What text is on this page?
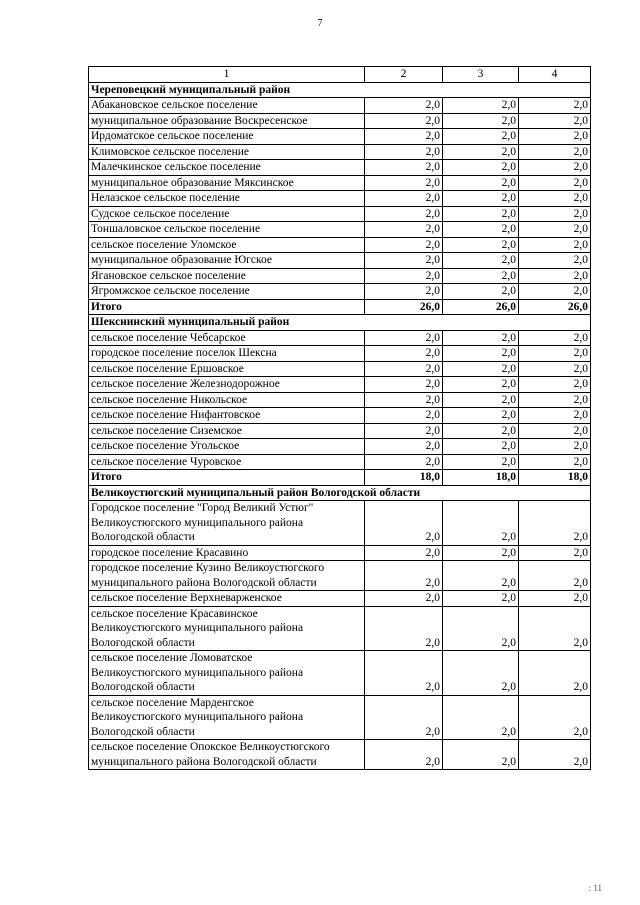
7
1	2	3	4
Череповецкий муниципальный район			
Абакановское сельское поселение	2,0	2,0	2,0
муниципальное образование Воскресенское	2,0	2,0	2,0
Ирдоматское сельское поселение	2,0	2,0	2,0
Климовское сельское поселение	2,0	2,0	2,0
Малечкинское сельское поселение	2,0	2,0	2,0
муниципальное образование Мяксинское	2,0	2,0	2,0
Нелазское сельское поселение	2,0	2,0	2,0
Судское сельское поселение	2,0	2,0	2,0
Тоншаловское сельское поселение	2,0	2,0	2,0
сельское поселение Уломское	2,0	2,0	2,0
муниципальное образование Югское	2,0	2,0	2,0
Ягановское сельское поселение	2,0	2,0	2,0
Ягромжское сельское поселение	2,0	2,0	2,0
Итого	26,0	26,0	26,0
Шекснинский муниципальный район			
сельское поселение Чебсарское	2,0	2,0	2,0
городское поселение поселок Шексна	2,0	2,0	2,0
сельское поселение Ершовское	2,0	2,0	2,0
сельское поселение Железнодорожное	2,0	2,0	2,0
сельское поселение Никольское	2,0	2,0	2,0
сельское поселение Нифантовское	2,0	2,0	2,0
сельское поселение Сиземское	2,0	2,0	2,0
сельское поселение Угольское	2,0	2,0	2,0
сельское поселение Чуровское	2,0	2,0	2,0
Итого	18,0	18,0	18,0
Великоустюгский муниципальный район Вологодской области			

Городское поселение "Город Великий Устюг"
Великоустюгского муниципального района
Вологодской области	2,0	2,0	2,0

городское поселение Красавино	2,0	2,0	2,0

городское поселение Кузино Великоустюгского
муниципального района Вологодской области	2,0	2,0	2,0

сельское поселение Верхневарженское	2,0	2,0	2,0

сельское поселение Красавинское
Великоустюгского муниципального района
Вологодской области	2,0	2,0	2,0

сельское поселение Ломоватское
Великоустюгского муниципального района
Вологодской области	2,0	2,0	2,0

сельское поселение Марденгское
Великоустюгского муниципального района
Вологодской области	2,0	2,0	2,0

сельское поселение Опокское Великоустюгского
муниципального района Вологодской области	2,0	2,0	2,0
: 11
